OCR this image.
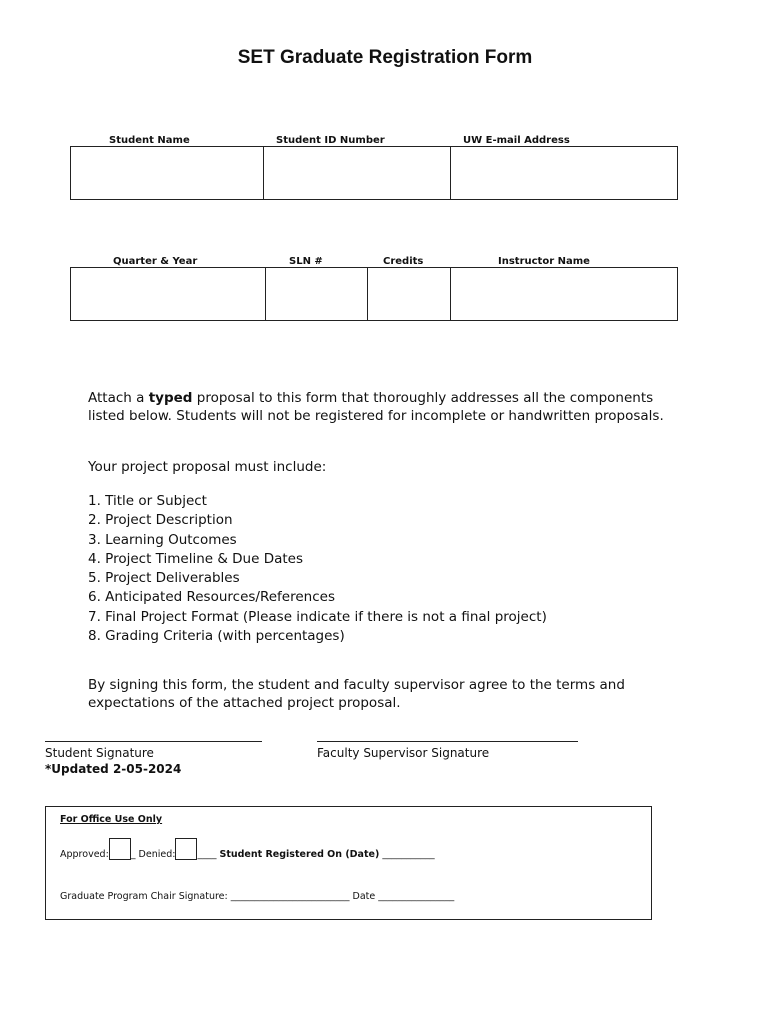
SET Graduate Registration Form
Student Name	Student ID Number	UW E-mail Address
Quarter & Year	SLN #	Credits	Instructor Name
Attach a typed proposal to this form that thoroughly addresses all the components listed below. Students will not be registered for incomplete or handwritten proposals.
Your project proposal must include:
1. Title or Subject
2. Project Description
3. Learning Outcomes
4. Project Timeline & Due Dates
5. Project Deliverables
6. Anticipated Resources/References
7. Final Project Format (Please indicate if there is not a final project)
8. Grading Criteria (with percentages)
By signing this form, the student and faculty supervisor agree to the terms and expectations of the attached project proposal.
Student Signature	Faculty Supervisor Signature
*Updated 2-05-2024
For Office Use Only
Approved: _ Denied: ____ Student Registered On (Date) ___________
Graduate Program Chair Signature: _________________________ Date ________________
